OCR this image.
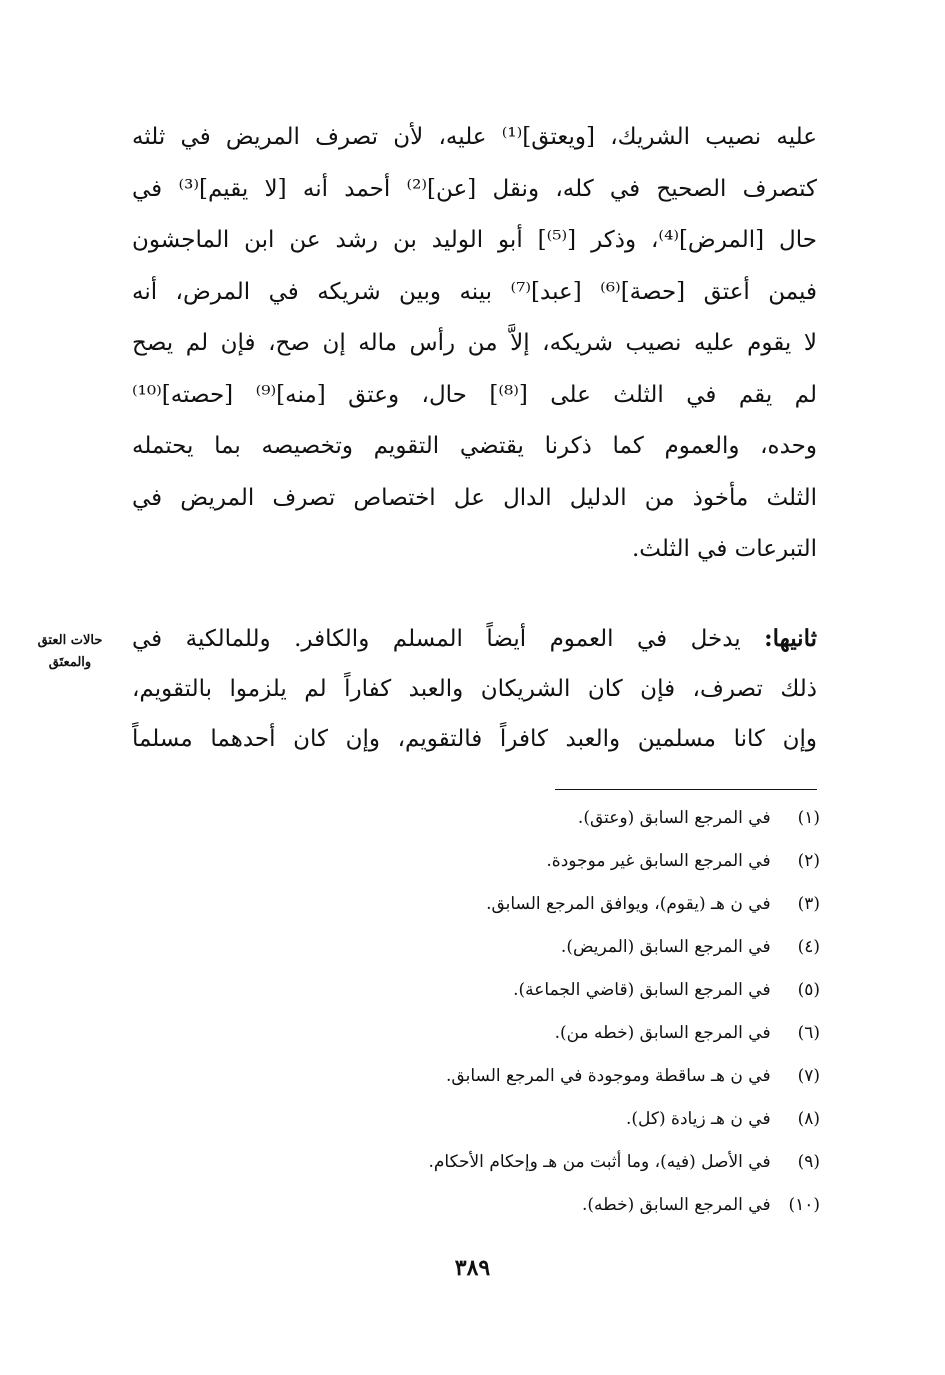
عليه نصيب الشريك، [ويعتق]⁽¹⁾ عليه، لأن تصرف المريض في ثلثه
كتصرف الصحيح في كله، ونقل [عن]⁽²⁾ أحمد أنه [لا يقيم]⁽³⁾ في
حال [المرض]⁽⁴⁾، وذكر [⁽⁵⁾] أبو الوليد بن رشد عن ابن الماجشون
فيمن أعتق [حصة]⁽⁶⁾ [عبد]⁽⁷⁾ بينه وبين شريكه في المرض، أنه
لا يقوم عليه نصيب شريكه، إلاَّ من رأس ماله إن صح، فإن لم يصح
لم يقم في الثلث على [⁽⁸⁾] حال، وعتق [منه]⁽⁹⁾ [حصته]⁽¹⁰⁾
وحده، والعموم كما ذكرنا يقتضي التقويم وتخصيصه بما يحتمله
الثلث مأخوذ من الدليل الدال عل اختصاص تصرف المريض في
التبرعات في الثلث.
حالات العتق
والمعتَق
ثانيها: يدخل في العموم أيضاً المسلم والكافر. وللمالكية في
ذلك تصرف، فإن كان الشريكان والعبد كفاراً لم يلزموا بالتقويم،
وإن كانا مسلمين والعبد كافراً فالتقويم، وإن كان أحدهما مسلماً
(١) في المرجع السابق (وعتق).
(٢) في المرجع السابق غير موجودة.
(٣) في ن هـ (يقوم)، ويوافق المرجع السابق.
(٤) في المرجع السابق (المريض).
(٥) في المرجع السابق (قاضي الجماعة).
(٦) في المرجع السابق (خطه من).
(٧) في ن هـ ساقطة وموجودة في المرجع السابق.
(٨) في ن هـ زيادة (كل).
(٩) في الأصل (فيه)، وما أثبت من هـ وإحكام الأحكام.
(١٠) في المرجع السابق (خطه).
٣٨٩
